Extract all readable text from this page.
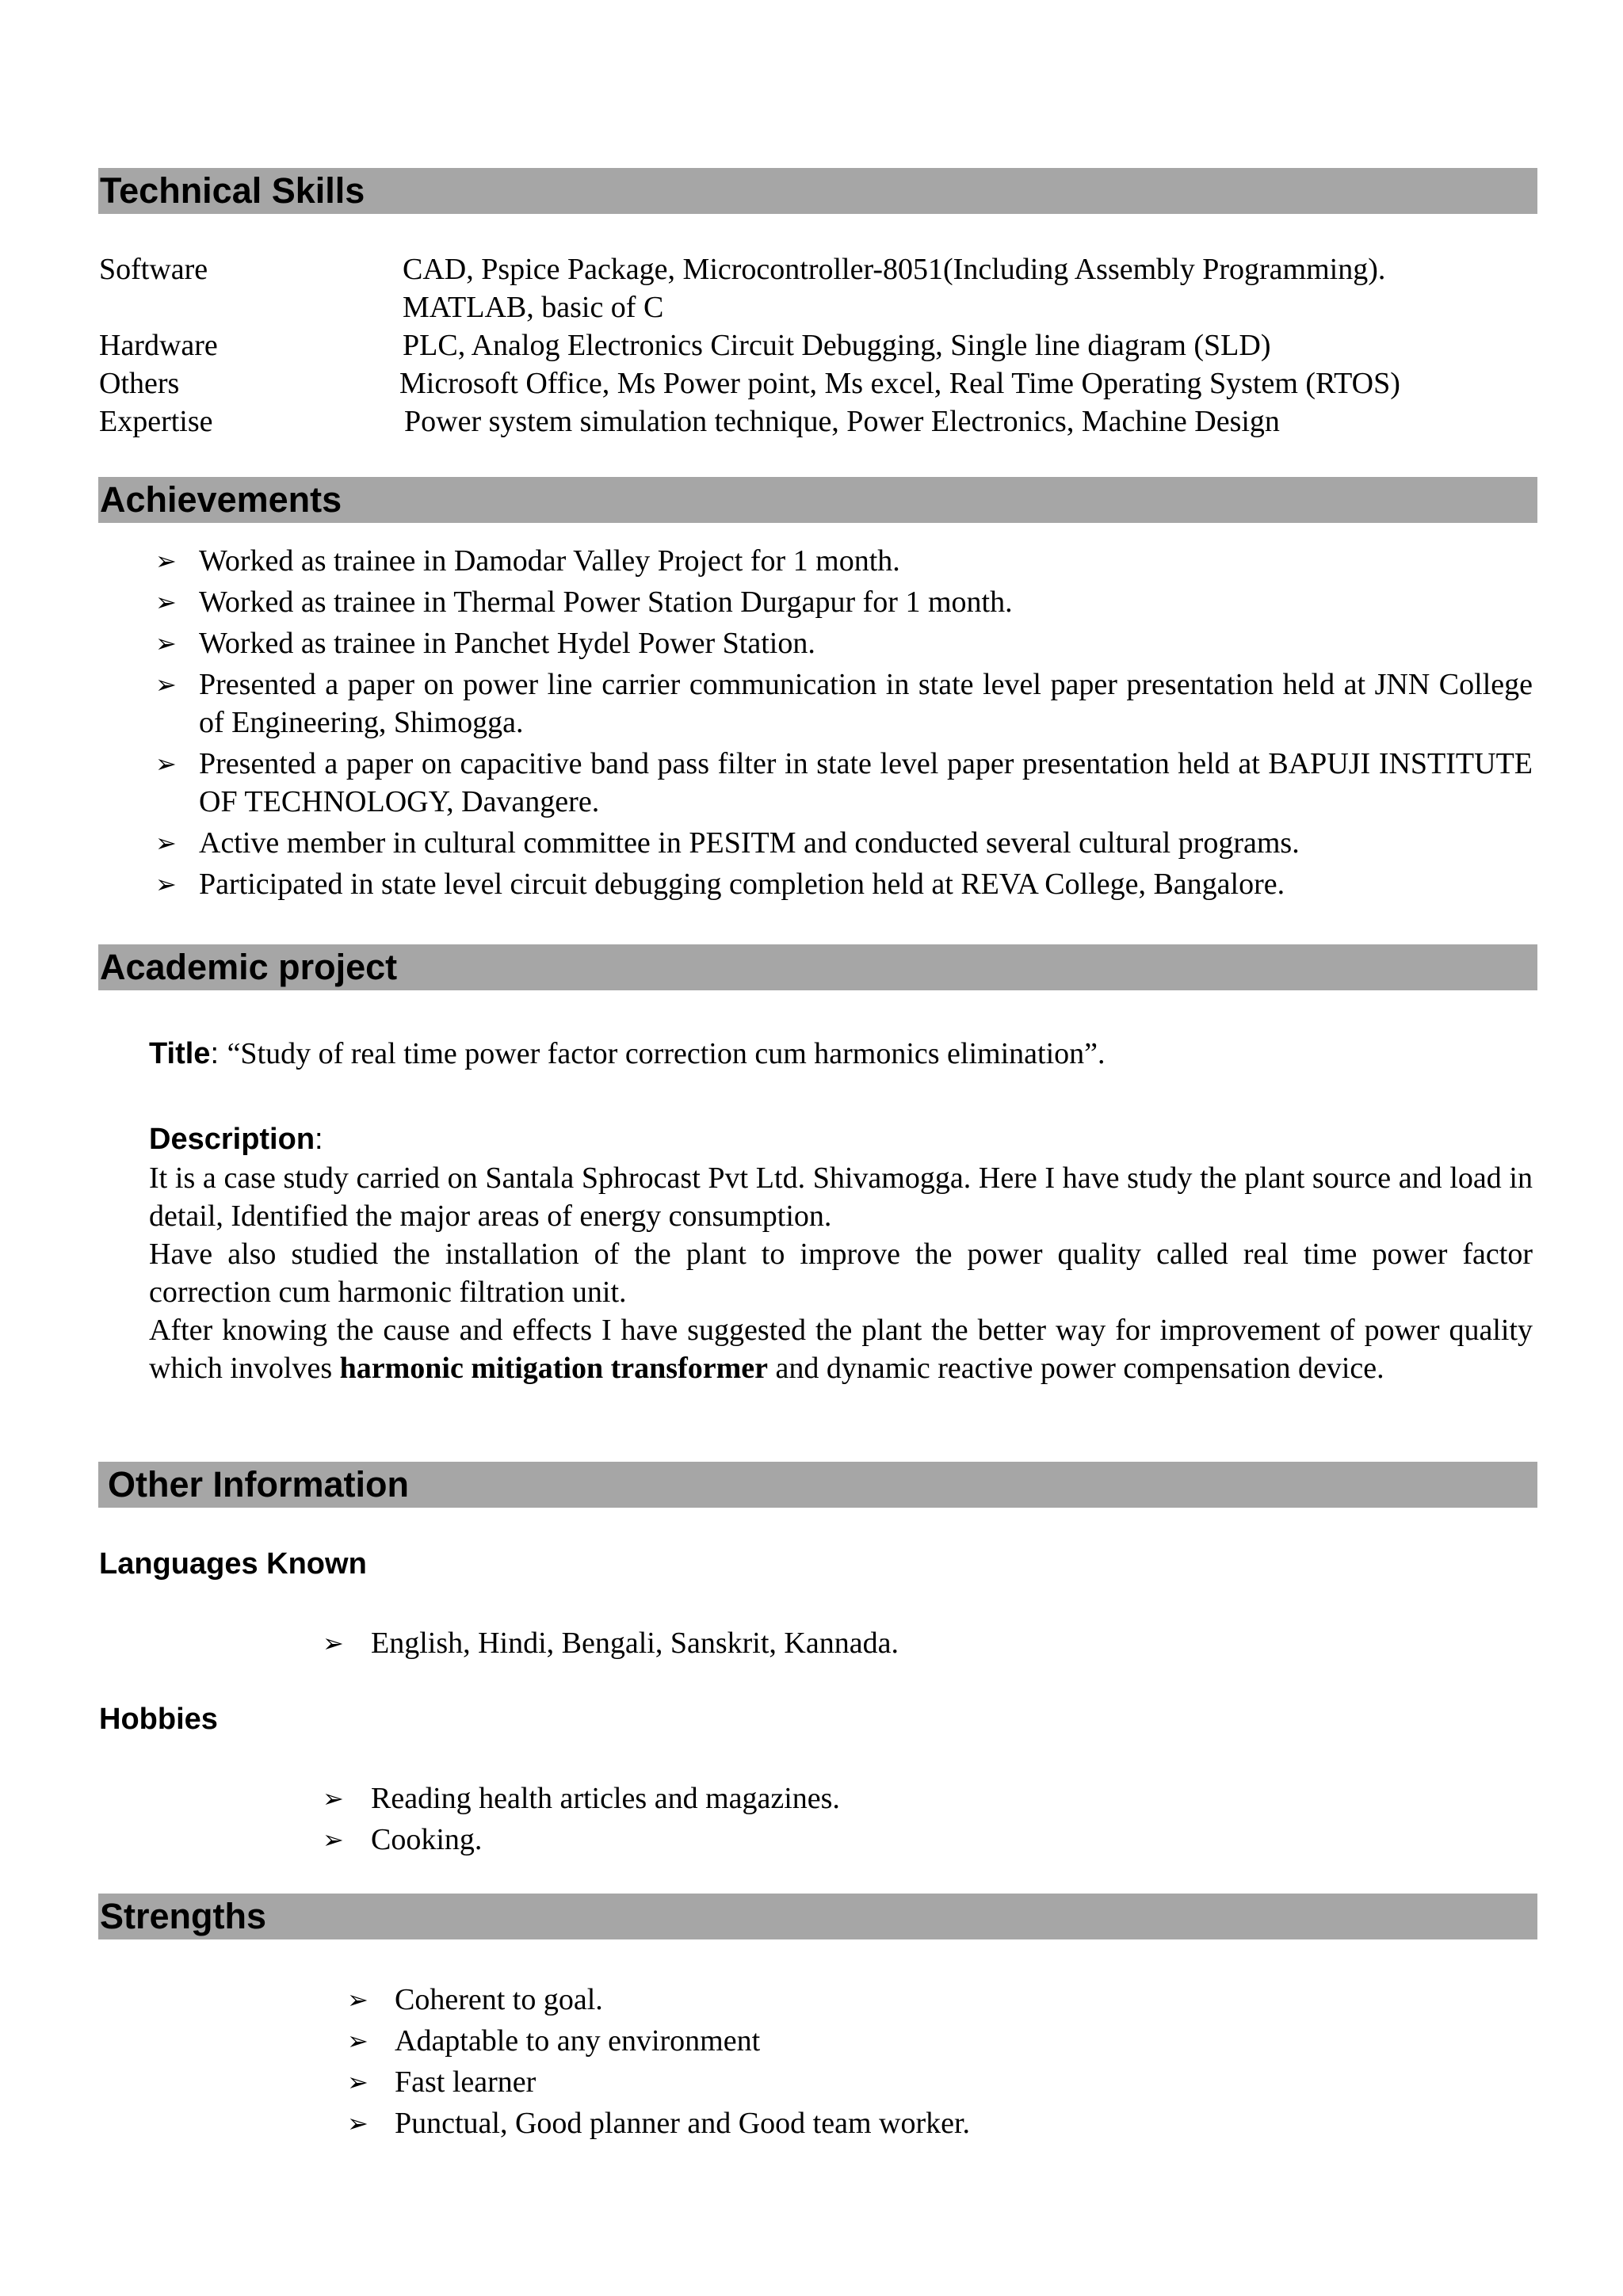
Technical Skills
Software	CAD, Pspice Package, Microcontroller-8051(Including Assembly Programming).
MATLAB, basic of C
Hardware	PLC, Analog Electronics Circuit Debugging, Single line diagram (SLD)
Others	Microsoft Office, Ms Power point, Ms excel, Real Time Operating System (RTOS)
Expertise	Power system simulation technique, Power Electronics, Machine Design
Achievements
➢ Worked as trainee in Damodar Valley Project for 1 month.
➢ Worked as trainee in Thermal Power Station Durgapur for 1 month.
➢ Worked as trainee in Panchet Hydel Power Station.
➢ Presented a paper on power line carrier communication in state level paper presentation held at JNN College of Engineering, Shimogga.
➢ Presented a paper on capacitive band pass filter in state level paper presentation held at BAPUJI INSTITUTE OF TECHNOLOGY, Davangere.
➢ Active member in cultural committee in PESITM and conducted several cultural programs.
➢ Participated in state level circuit debugging completion held at REVA College, Bangalore.
Academic project
Title: “Study of real time power factor correction cum harmonics elimination”.
Description:
It is a case study carried on Santala Sphrocast Pvt Ltd. Shivamogga. Here I have study the plant source and load in detail, Identified the major areas of energy consumption.
Have also studied the installation of the plant to improve the power quality called real time power factor correction cum harmonic filtration unit.
After knowing the cause and effects I have suggested the plant the better way for improvement of power quality which involves harmonic mitigation transformer and dynamic reactive power compensation device.
Other Information
Languages Known
➢ English, Hindi, Bengali, Sanskrit, Kannada.
Hobbies
➢ Reading health articles and magazines.
➢ Cooking.
Strengths
➢ Coherent to goal.
➢ Adaptable to any environment
➢ Fast learner
➢ Punctual, Good planner and Good team worker.
